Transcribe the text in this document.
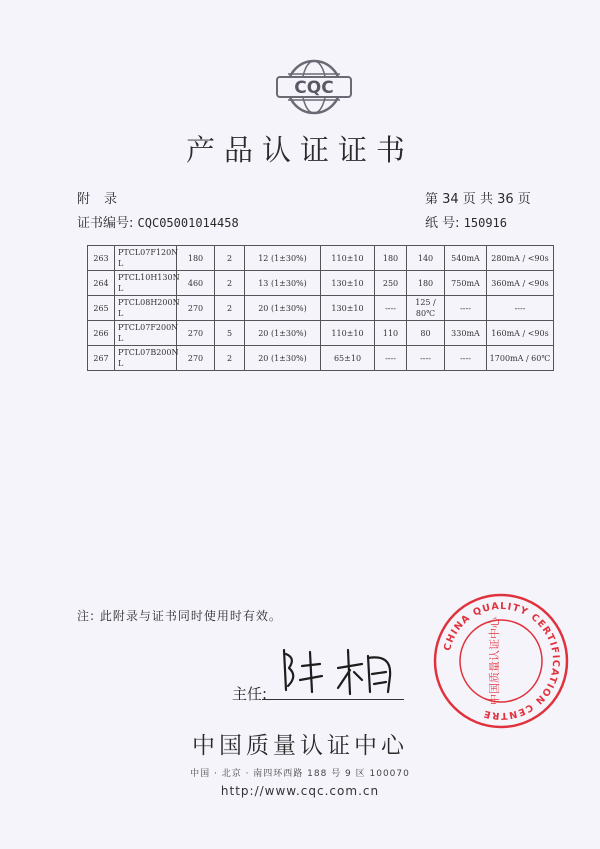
CQC
产品认证证书
附录	第 34 页 共 36 页
证书编号: CQC05001014458	纸 号: 150916
263	PTCL07F120N L	180	2	12 (1±30%)	110±10	180	140	540mA	280mA / <90s
264	PTCL10H130N L	460	2	13 (1±30%)	130±10	250	180	750mA	360mA / <90s
265	PTCL08H200N L	270	2	20 (1±30%)	130±10	----	125 / 80℃	----	----
266	PTCL07F200N L	270	5	20 (1±30%)	110±10	110	80	330mA	160mA / <90s
267	PTCL07B200N L	270	2	20 (1±30%)	65±10	----	----	----	1700mA / 60℃
注: 此附录与证书同时使用时有效。
主任:
CHINA QUALITY CERTIFICATION CENTRE
中国质量认证中心
中国质量认证中心
中国 · 北京 · 南四环西路 188 号 9 区 100070
http://www.cqc.com.cn
